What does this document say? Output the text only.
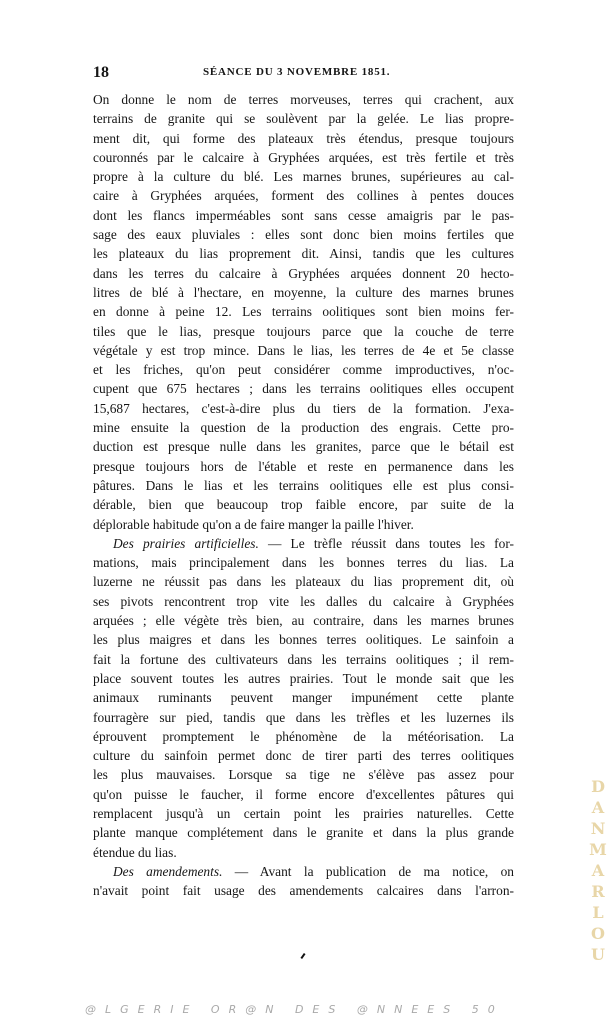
18	SÉANCE DU 3 NOVEMBRE 1851.
On donne le nom de terres morveuses, terres qui crachent, aux
terrains de granite qui se soulèvent par la gelée. Le lias propre-
ment dit, qui forme des plateaux très étendus, presque toujours
couronnés par le calcaire à Gryphées arquées, est très fertile et très
propre à la culture du blé. Les marnes brunes, supérieures au cal-
caire à Gryphées arquées, forment des collines à pentes douces
dont les flancs imperméables sont sans cesse amaigris par le pas-
sage des eaux pluviales : elles sont donc bien moins fertiles que
les plateaux du lias proprement dit. Ainsi, tandis que les cultures
dans les terres du calcaire à Gryphées arquées donnent 20 hecto-
litres de blé à l'hectare, en moyenne, la culture des marnes brunes
en donne à peine 12. Les terrains oolitiques sont bien moins fer-
tiles que le lias, presque toujours parce que la couche de terre
végétale y est trop mince. Dans le lias, les terres de 4e et 5e classe
et les friches, qu'on peut considérer comme improductives, n'oc-
cupent que 675 hectares ; dans les terrains oolitiques elles occupent
15,687 hectares, c'est-à-dire plus du tiers de la formation. J'exa-
mine ensuite la question de la production des engrais. Cette pro-
duction est presque nulle dans les granites, parce que le bétail est
presque toujours hors de l'étable et reste en permanence dans les
pâtures. Dans le lias et les terrains oolitiques elle est plus consi-
dérable, bien que beaucoup trop faible encore, par suite de la
déplorable habitude qu'on a de faire manger la paille l'hiver.
Des prairies artificielles. — Le trèfle réussit dans toutes les for-
mations, mais principalement dans les bonnes terres du lias. La
luzerne ne réussit pas dans les plateaux du lias proprement dit, où
ses pivots rencontrent trop vite les dalles du calcaire à Gryphées
arquées ; elle végète très bien, au contraire, dans les marnes brunes
les plus maigres et dans les bonnes terres oolitiques. Le sainfoin a
fait la fortune des cultivateurs dans les terrains oolitiques ; il rem-
place souvent toutes les autres prairies. Tout le monde sait que les
animaux ruminants peuvent manger impunément cette plante
fourragère sur pied, tandis que dans les trèfles et les luzernes ils
éprouvent promptement le phénomène de la météorisation. La
culture du sainfoin permet donc de tirer parti des terres oolitiques
les plus mauvaises. Lorsque sa tige ne s'élève pas assez pour
qu'on puisse le faucher, il forme encore d'excellentes pâtures qui
remplacent jusqu'à un certain point les prairies naturelles. Cette
plante manque complétement dans le granite et dans la plus grande
étendue du lias.
Des amendements. — Avant la publication de ma notice, on
n'avait point fait usage des amendements calcaires dans l'arron-
@LGERIE OR@N DES @NNEES 50
D
A
N
M
A
R
L
O
U
